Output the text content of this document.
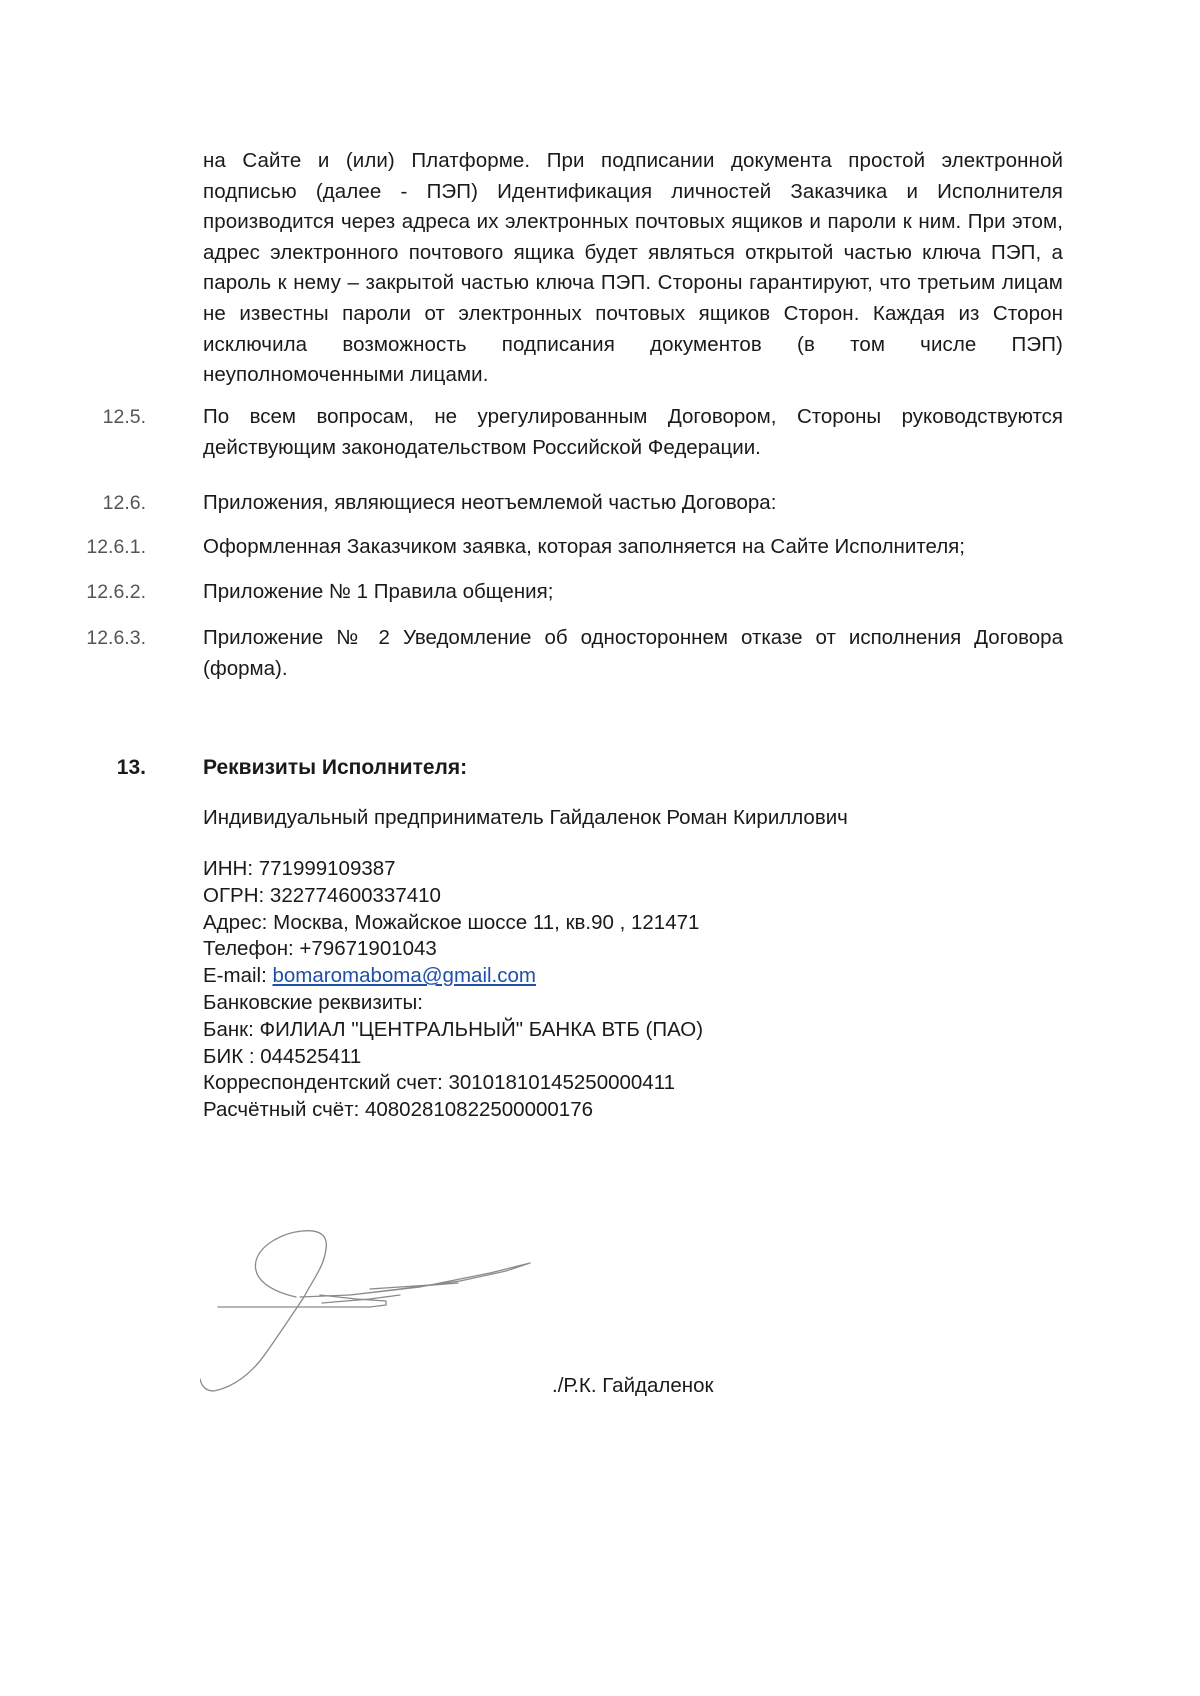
на Сайте и (или) Платформе. При подписании документа простой электронной подписью (далее - ПЭП) Идентификация личностей Заказчика и Исполнителя производится через адреса их электронных почтовых ящиков и пароли к ним. При этом, адрес электронного почтового ящика будет являться открытой частью ключа ПЭП, а пароль к нему – закрытой частью ключа ПЭП. Стороны гарантируют, что третьим лицам не известны пароли от электронных почтовых ящиков Сторон. Каждая из Сторон исключила возможность подписания документов (в том числе ПЭП) неуполномоченными лицами.
12.5.	По всем вопросам, не урегулированным Договором, Стороны руководствуются действующим законодательством Российской Федерации.
12.6.	Приложения, являющиеся неотъемлемой частью Договора:
12.6.1.	Оформленная Заказчиком заявка, которая заполняется на Сайте Исполнителя;
12.6.2.	Приложение № 1 Правила общения;
12.6.3.	Приложение № 2 Уведомление об одностороннем отказе от исполнения Договора (форма).
13.	Реквизиты Исполнителя:
Индивидуальный предприниматель Гайдаленок Роман Кириллович
ИНН: 771999109387
ОГРН: 322774600337410
Адрес: Москва, Можайское шоссе 11, кв.90 , 121471
Телефон: +79671901043
E-mail: bomaromaboma@gmail.com
Банковские реквизиты:
Банк: ФИЛИАЛ "ЦЕНТРАЛЬНЫЙ" БАНКА ВТБ (ПАО)
БИК : 044525411
Корреспондентский счет: 30101810145250000411
Расчётный счёт: 40802810822500000176
./Р.К. Гайдаленок
